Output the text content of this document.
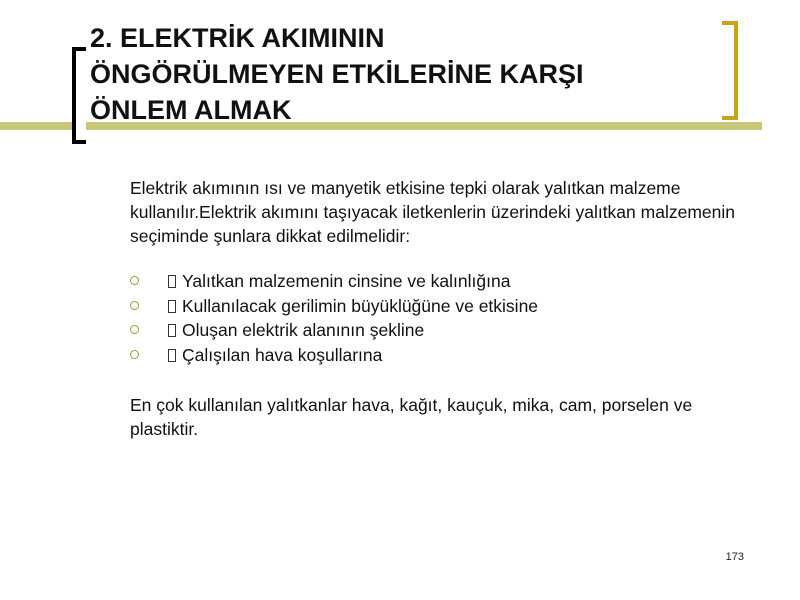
2. ELEKTRİK AKIMININ
ÖNGÖRÜLMEYEN ETKİLERİNE KARŞI
ÖNLEM ALMAK

Elektrik akımının ısı ve manyetik etkisine tepki olarak yalıtkan malzeme kullanılır.Elektrik akımını taşıyacak iletkenlerin üzerindeki yalıtkan malzemenin seçiminde şunlara dikkat edilmelidir:

Yalıtkan malzemenin cinsine ve kalınlığına
Kullanılacak gerilimin büyüklüğüne ve etkisine
Oluşan elektrik alanının şekline
Çalışılan hava koşullarına

En çok kullanılan yalıtkanlar hava, kağıt, kauçuk, mika, cam, porselen ve plastiktir.

173
